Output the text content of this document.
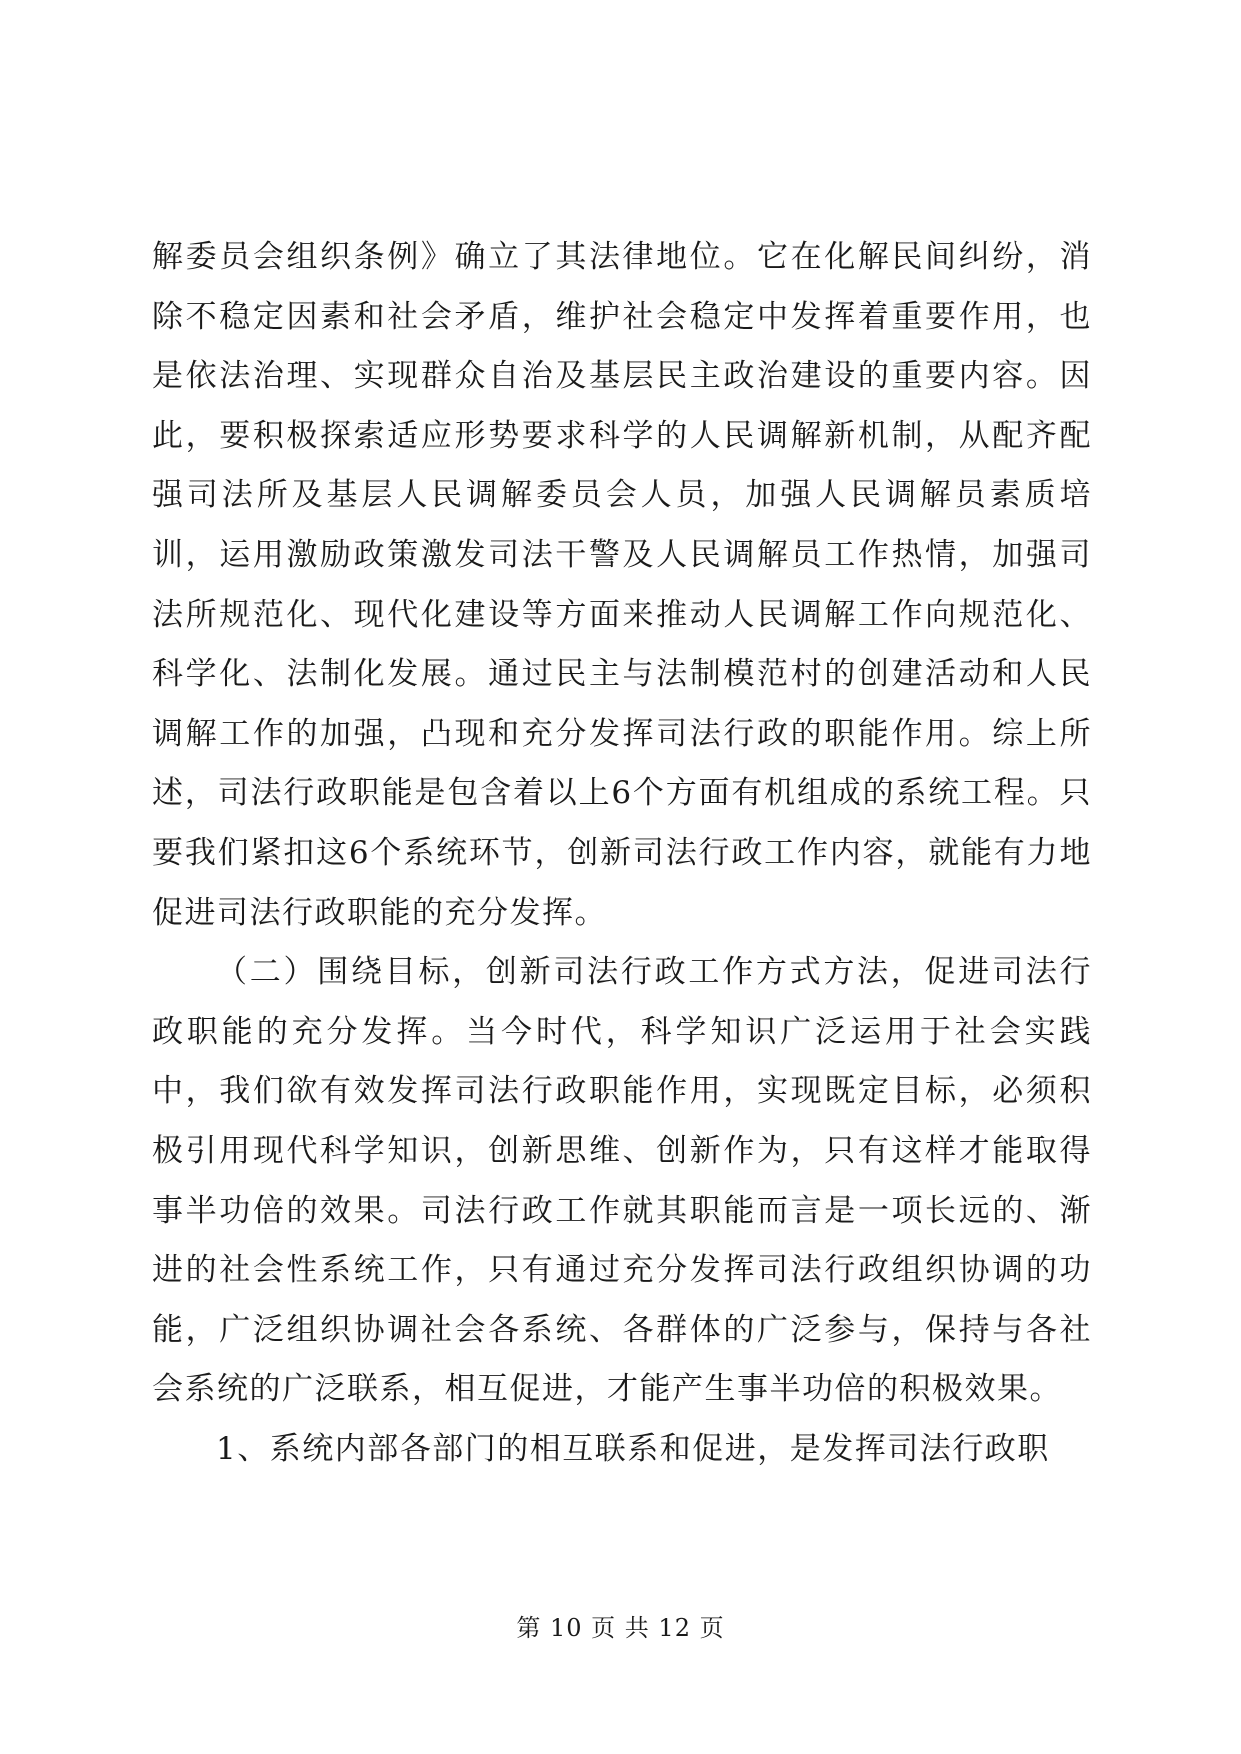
解委员会组织条例》确立了其法律地位。它在化解民间纠纷，消除不稳定因素和社会矛盾，维护社会稳定中发挥着重要作用，也是依法治理、实现群众自治及基层民主政治建设的重要内容。因此，要积极探索适应形势要求科学的人民调解新机制，从配齐配强司法所及基层人民调解委员会人员，加强人民调解员素质培训，运用激励政策激发司法干警及人民调解员工作热情，加强司法所规范化、现代化建设等方面来推动人民调解工作向规范化、科学化、法制化发展。通过民主与法制模范村的创建活动和人民调解工作的加强，凸现和充分发挥司法行政的职能作用。综上所述，司法行政职能是包含着以上6个方面有机组成的系统工程。只要我们紧扣这6个系统环节，创新司法行政工作内容，就能有力地促进司法行政职能的充分发挥。

（二）围绕目标，创新司法行政工作方式方法，促进司法行政职能的充分发挥。当今时代，科学知识广泛运用于社会实践中，我们欲有效发挥司法行政职能作用，实现既定目标，必须积极引用现代科学知识，创新思维、创新作为，只有这样才能取得事半功倍的效果。司法行政工作就其职能而言是一项长远的、渐进的社会性系统工作，只有通过充分发挥司法行政组织协调的功能，广泛组织协调社会各系统、各群体的广泛参与，保持与各社会系统的广泛联系，相互促进，才能产生事半功倍的积极效果。

1、系统内部各部门的相互联系和促进，是发挥司法行政职

第 10 页 共 12 页
